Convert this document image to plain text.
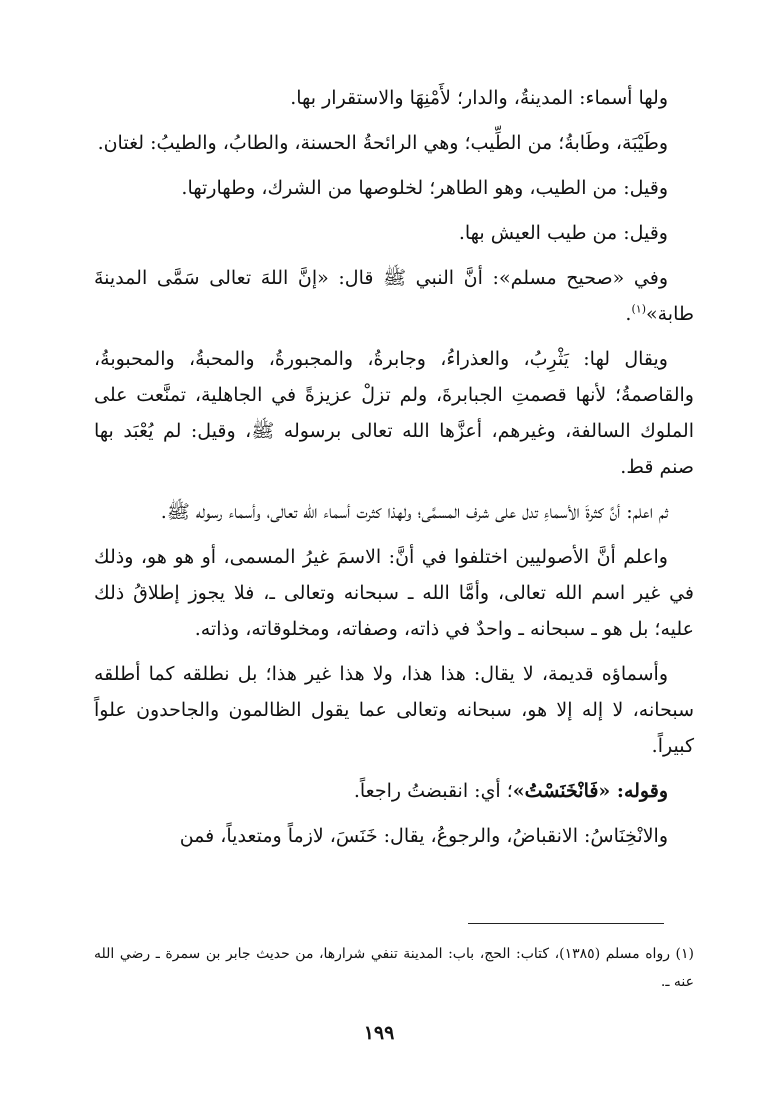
ولها أسماء: المدينةُ، والدار؛ لأَمْنِهَا والاستقرار بها.

وطَيْبَة، وطَابةُ؛ من الطِّيب؛ وهي الرائحةُ الحسنة، والطابُ، والطيبُ: لغتان.

وقيل: من الطيب، وهو الطاهر؛ لخلوصها من الشرك، وطهارتها.

وقيل: من طيب العيش بها.

وفي «صحيح مسلم»: أنَّ النبي ﷺ قال: «إنَّ اللهَ تعالى سَمَّى المدينةَ طابة»$^{(١)}$.

ويقال لها: يَثْرِبُ، والعذراءُ، وجابرةُ، والمجبورةُ، والمحبةُ، والمحبوبةُ، والقاصمةُ؛ لأنها قصمتِ الجبابرةَ، ولم تزلْ عزيزةً في الجاهلية، تمنَّعت على الملوك السالفة، وغيرهم، أعزَّها الله تعالى برسوله ﷺ، وقيل: لم يُعْبَد بها صنم قط.

ثم اعلم: أنَّ كثرةَ الأسماءِ تدل على شرف المسمَّى؛ ولهذا كثرت أسماء الله تعالى، وأسماء رسوله ﷺ.

واعلم أنَّ الأصوليين اختلفوا في أنَّ: الاسمَ غيرُ المسمى، أو هو هو، وذلك في غير اسم الله تعالى، وأمَّا الله ـ سبحانه وتعالى ـ، فلا يجوز إطلاقُ ذلك عليه؛ بل هو ـ سبحانه ـ واحدٌ في ذاته، وصفاته، ومخلوقاته، وذاته.

وأسماؤه قديمة، لا يقال: هذا هذا، ولا هذا غير هذا؛ بل نطلقه كما أطلقه سبحانه، لا إله إلا هو، سبحانه وتعالى عما يقول الظالمون والجاحدون علواً كبيراً.

وقوله: «فَانْخَنَسْتُ»؛ أي: انقبضتُ راجعاً.

والانْخِنَاسُ: الانقباضُ، والرجوعُ، يقال: خَنَسَ، لازماً ومتعدياً، فمن

(١) رواه مسلم (١٣٨٥)، كتاب: الحج، باب: المدينة تنفي شرارها، من حديث جابر بن سمرة ـ رضي الله عنه ـ.

١٩٩
